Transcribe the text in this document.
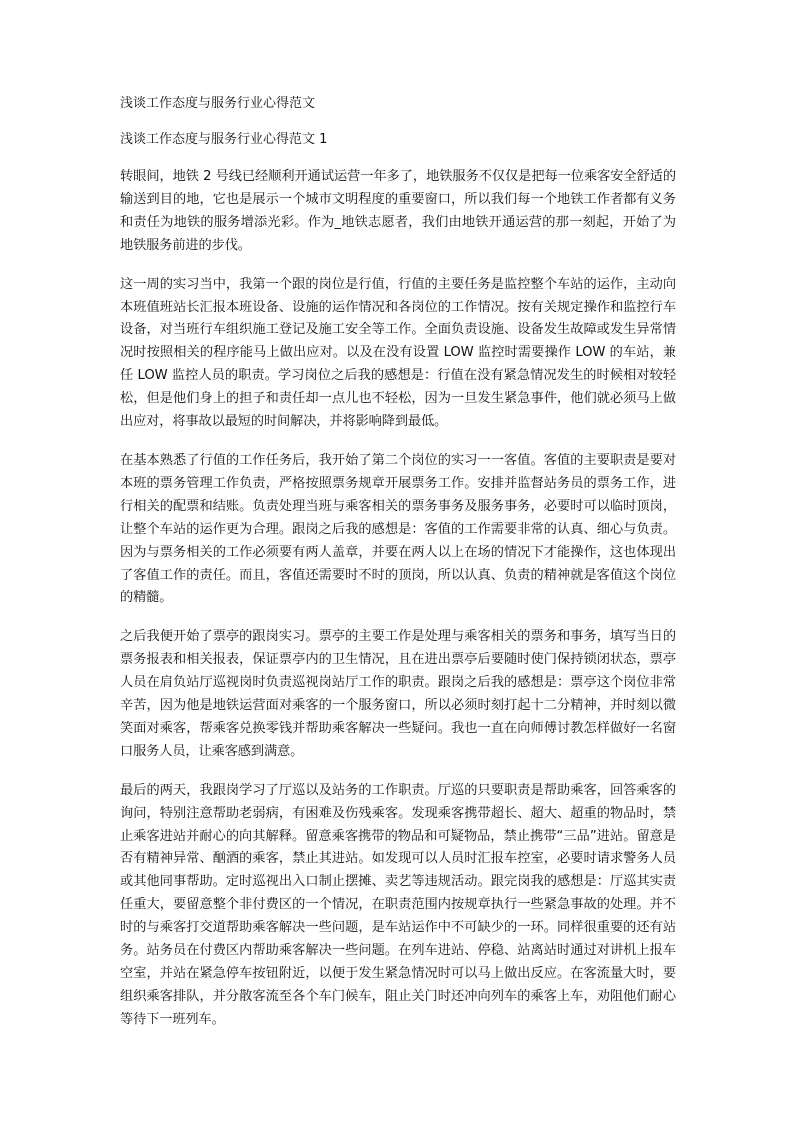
浅谈工作态度与服务行业心得范文
浅谈工作态度与服务行业心得范文 1

转眼间，地铁 2 号线已经顺利开通试运营一年多了，地铁服务不仅仅是把每一位乘客安全舒适的输送到目的地，它也是展示一个城市文明程度的重要窗口，所以我们每一个地铁工作者都有义务和责任为地铁的服务增添光彩。作为_地铁志愿者，我们由地铁开通运营的那一刻起，开始了为地铁服务前进的步伐。

这一周的实习当中，我第一个跟的岗位是行值，行值的主要任务是监控整个车站的运作，主动向本班值班站长汇报本班设备、设施的运作情况和各岗位的工作情况。按有关规定操作和监控行车设备，对当班行车组织施工登记及施工安全等工作。全面负责设施、设备发生故障或发生异常情况时按照相关的程序能马上做出应对。以及在没有设置 LOW 监控时需要操作 LOW 的车站，兼任 LOW 监控人员的职责。学习岗位之后我的感想是：行值在没有紧急情况发生的时候相对较轻松，但是他们身上的担子和责任却一点儿也不轻松，因为一旦发生紧急事件，他们就必须马上做出应对，将事故以最短的时间解决，并将影响降到最低。

在基本熟悉了行值的工作任务后，我开始了第二个岗位的实习一一客值。客值的主要职责是要对本班的票务管理工作负责，严格按照票务规章开展票务工作。安排并监督站务员的票务工作，进行相关的配票和结账。负责处理当班与乘客相关的票务事务及服务事务，必要时可以临时顶岗，让整个车站的运作更为合理。跟岗之后我的感想是：客值的工作需要非常的认真、细心与负责。因为与票务相关的工作必须要有两人盖章，并要在两人以上在场的情况下才能操作，这也体现出了客值工作的责任。而且，客值还需要时不时的顶岗，所以认真、负责的精神就是客值这个岗位的精髓。

之后我便开始了票亭的跟岗实习。票亭的主要工作是处理与乘客相关的票务和事务，填写当日的票务报表和相关报表，保证票亭内的卫生情况，且在进出票亭后要随时使门保持锁闭状态，票亭人员在肩负站厅巡视岗时负责巡视岗站厅工作的职责。跟岗之后我的感想是：票亭这个岗位非常辛苦，因为他是地铁运营面对乘客的一个服务窗口，所以必须时刻打起十二分精神，并时刻以微笑面对乘客，帮乘客兑换零钱并帮助乘客解决一些疑问。我也一直在向师傅讨教怎样做好一名窗口服务人员，让乘客感到满意。

最后的两天，我跟岗学习了厅巡以及站务的工作职责。厅巡的只要职责是帮助乘客，回答乘客的询问，特别注意帮助老弱病，有困难及伤残乘客。发现乘客携带超长、超大、超重的物品时，禁止乘客进站并耐心的向其解释。留意乘客携带的物品和可疑物品，禁止携带“三品”进站。留意是否有精神异常、酗酒的乘客，禁止其进站。如发现可以人员时汇报车控室，必要时请求警务人员或其他同事帮助。定时巡视出入口制止摆摊、卖艺等违规活动。跟完岗我的感想是：厅巡其实责任重大，要留意整个非付费区的一个情况，在职责范围内按规章执行一些紧急事故的处理。并不时的与乘客打交道帮助乘客解决一些问题，是车站运作中不可缺少的一环。同样很重要的还有站务。站务员在付费区内帮助乘客解决一些问题。在列车进站、停稳、站离站时通过对讲机上报车空室，并站在紧急停车按钮附近，以便于发生紧急情况时可以马上做出反应。在客流量大时，要组织乘客排队，并分散客流至各个车门候车，阻止关门时还冲向列车的乘客上车，劝阻他们耐心等待下一班列车。
